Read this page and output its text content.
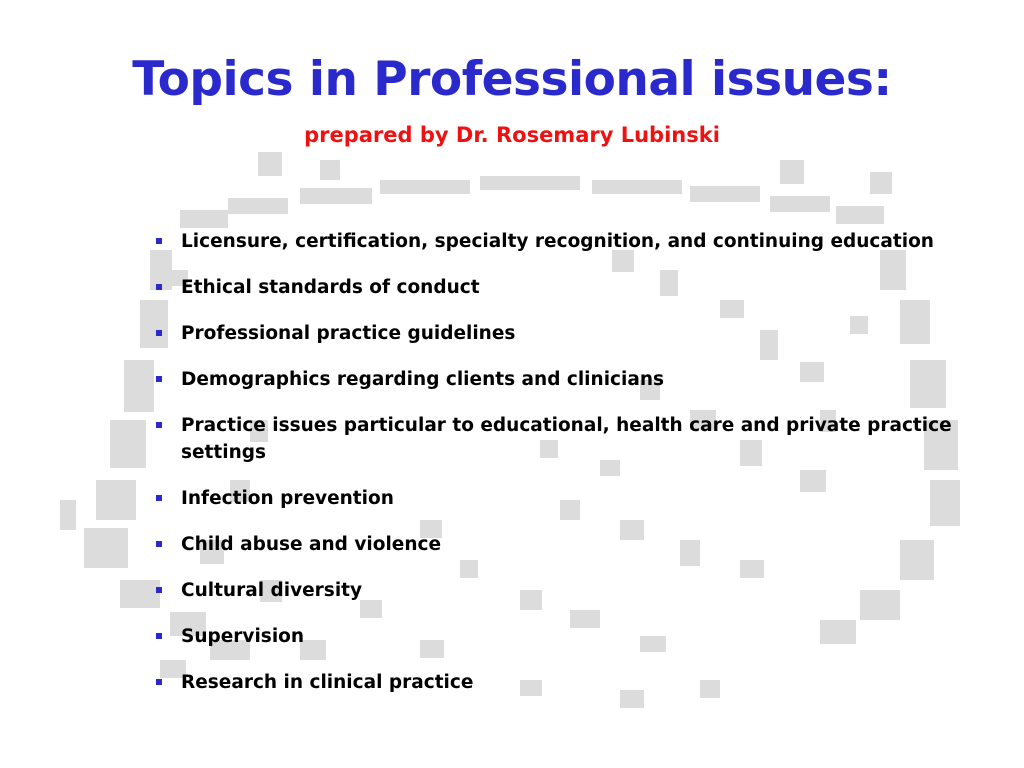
Topics in Professional issues:
prepared by Dr. Rosemary Lubinski
Licensure, certification, specialty recognition, and continuing education
Ethical standards of conduct
Professional practice guidelines
Demographics regarding clients and clinicians
Practice issues particular to educational, health care and private practice settings
Infection prevention
Child abuse and violence
Cultural diversity
Supervision
Research in clinical practice
